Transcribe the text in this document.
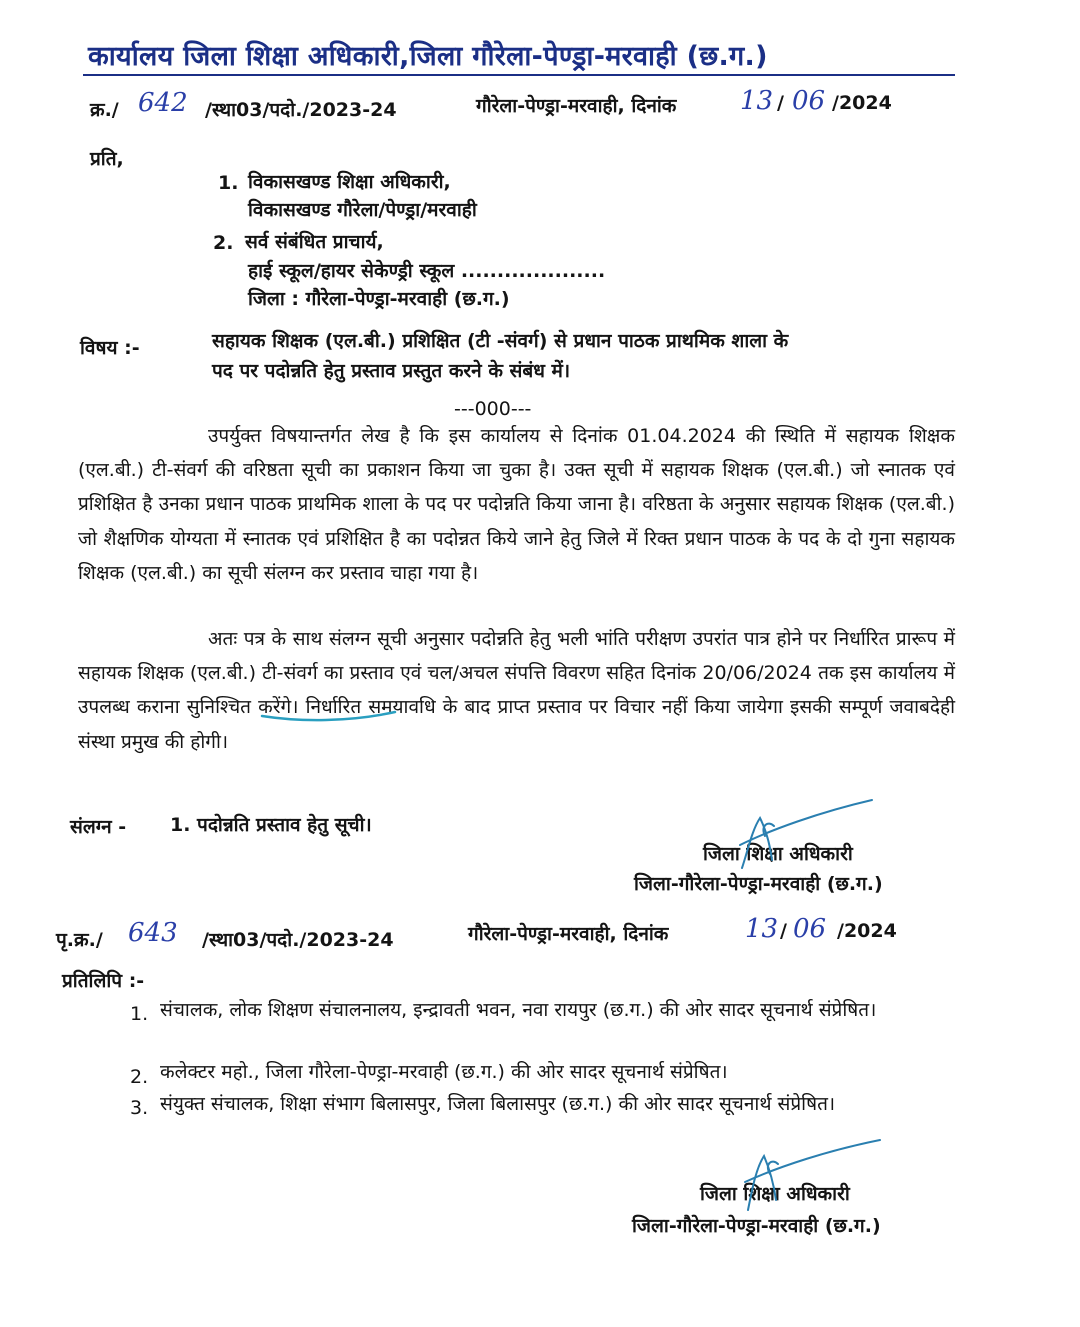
कार्यालय जिला शिक्षा अधिकारी,जिला गौरेला-पेण्ड्रा-मरवाही (छ.ग.)
क्र./ 642 /स्था03/पदो./2023-24	गौरेला-पेण्ड्रा-मरवाही, दिनांक 13 / 06 /2024
प्रति,
1. विकासखण्ड शिक्षा अधिकारी,
विकासखण्ड गौरेला/पेण्ड्रा/मरवाही
2. सर्व संबंधित प्राचार्य,
हाई स्कूल/हायर सेकेण्ड्री स्कूल ....................
जिला : गौरेला-पेण्ड्रा-मरवाही (छ.ग.)
विषय :-	सहायक शिक्षक (एल.बी.) प्रशिक्षित (टी -संवर्ग) से प्रधान पाठक प्राथमिक शाला के
पद पर पदोन्नति हेतु प्रस्ताव प्रस्तुत करने के संबंध में।
---000---
उपर्युक्त विषयान्तर्गत लेख है कि इस कार्यालय से दिनांक 01.04.2024 की स्थिति में सहायक शिक्षक (एल.बी.) टी-संवर्ग की वरिष्ठता सूची का प्रकाशन किया जा चुका है। उक्त सूची में सहायक शिक्षक (एल.बी.) जो स्नातक एवं प्रशिक्षित है उनका प्रधान पाठक प्राथमिक शाला के पद पर पदोन्नति किया जाना है। वरिष्ठता के अनुसार सहायक शिक्षक (एल.बी.) जो शैक्षणिक योग्यता में स्नातक एवं प्रशिक्षित है का पदोन्नत किये जाने हेतु जिले में रिक्त प्रधान पाठक के पद के दो गुना सहायक शिक्षक (एल.बी.) का सूची संलग्न कर प्रस्ताव चाहा गया है।
अतः पत्र के साथ संलग्न सूची अनुसार पदोन्नति हेतु भली भांति परीक्षण उपरांत पात्र होने पर निर्धारित प्रारूप में सहायक शिक्षक (एल.बी.) टी-संवर्ग का प्रस्ताव एवं चल/अचल संपत्ति विवरण सहित दिनांक 20/06/2024 तक इस कार्यालय में उपलब्ध कराना सुनिश्चित करेंगे। निर्धारित समयावधि के बाद प्राप्त प्रस्ताव पर विचार नहीं किया जायेगा इसकी सम्पूर्ण जवाबदेही संस्था प्रमुख की होगी।
संलग्न - 1. पदोन्नति प्रस्ताव हेतु सूची।
जिला शिक्षा अधिकारी
जिला-गौरेला-पेण्ड्रा-मरवाही (छ.ग.)
पृ.क्र./ 643 /स्था03/पदो./2023-24	गौरेला-पेण्ड्रा-मरवाही, दिनांक	13 / 06 /2024
प्रतिलिपि :-
1. संचालक, लोक शिक्षण संचालनालय, इन्द्रावती भवन, नवा रायपुर (छ.ग.) की ओर सादर सूचनार्थ संप्रेषित।
2. कलेक्टर महो., जिला गौरेला-पेण्ड्रा-मरवाही (छ.ग.) की ओर सादर सूचनार्थ संप्रेषित।
3. संयुक्त संचालक, शिक्षा संभाग बिलासपुर, जिला बिलासपुर (छ.ग.) की ओर सादर सूचनार्थ संप्रेषित।
जिला शिक्षा अधिकारी
जिला-गौरेला-पेण्ड्रा-मरवाही (छ.ग.)
